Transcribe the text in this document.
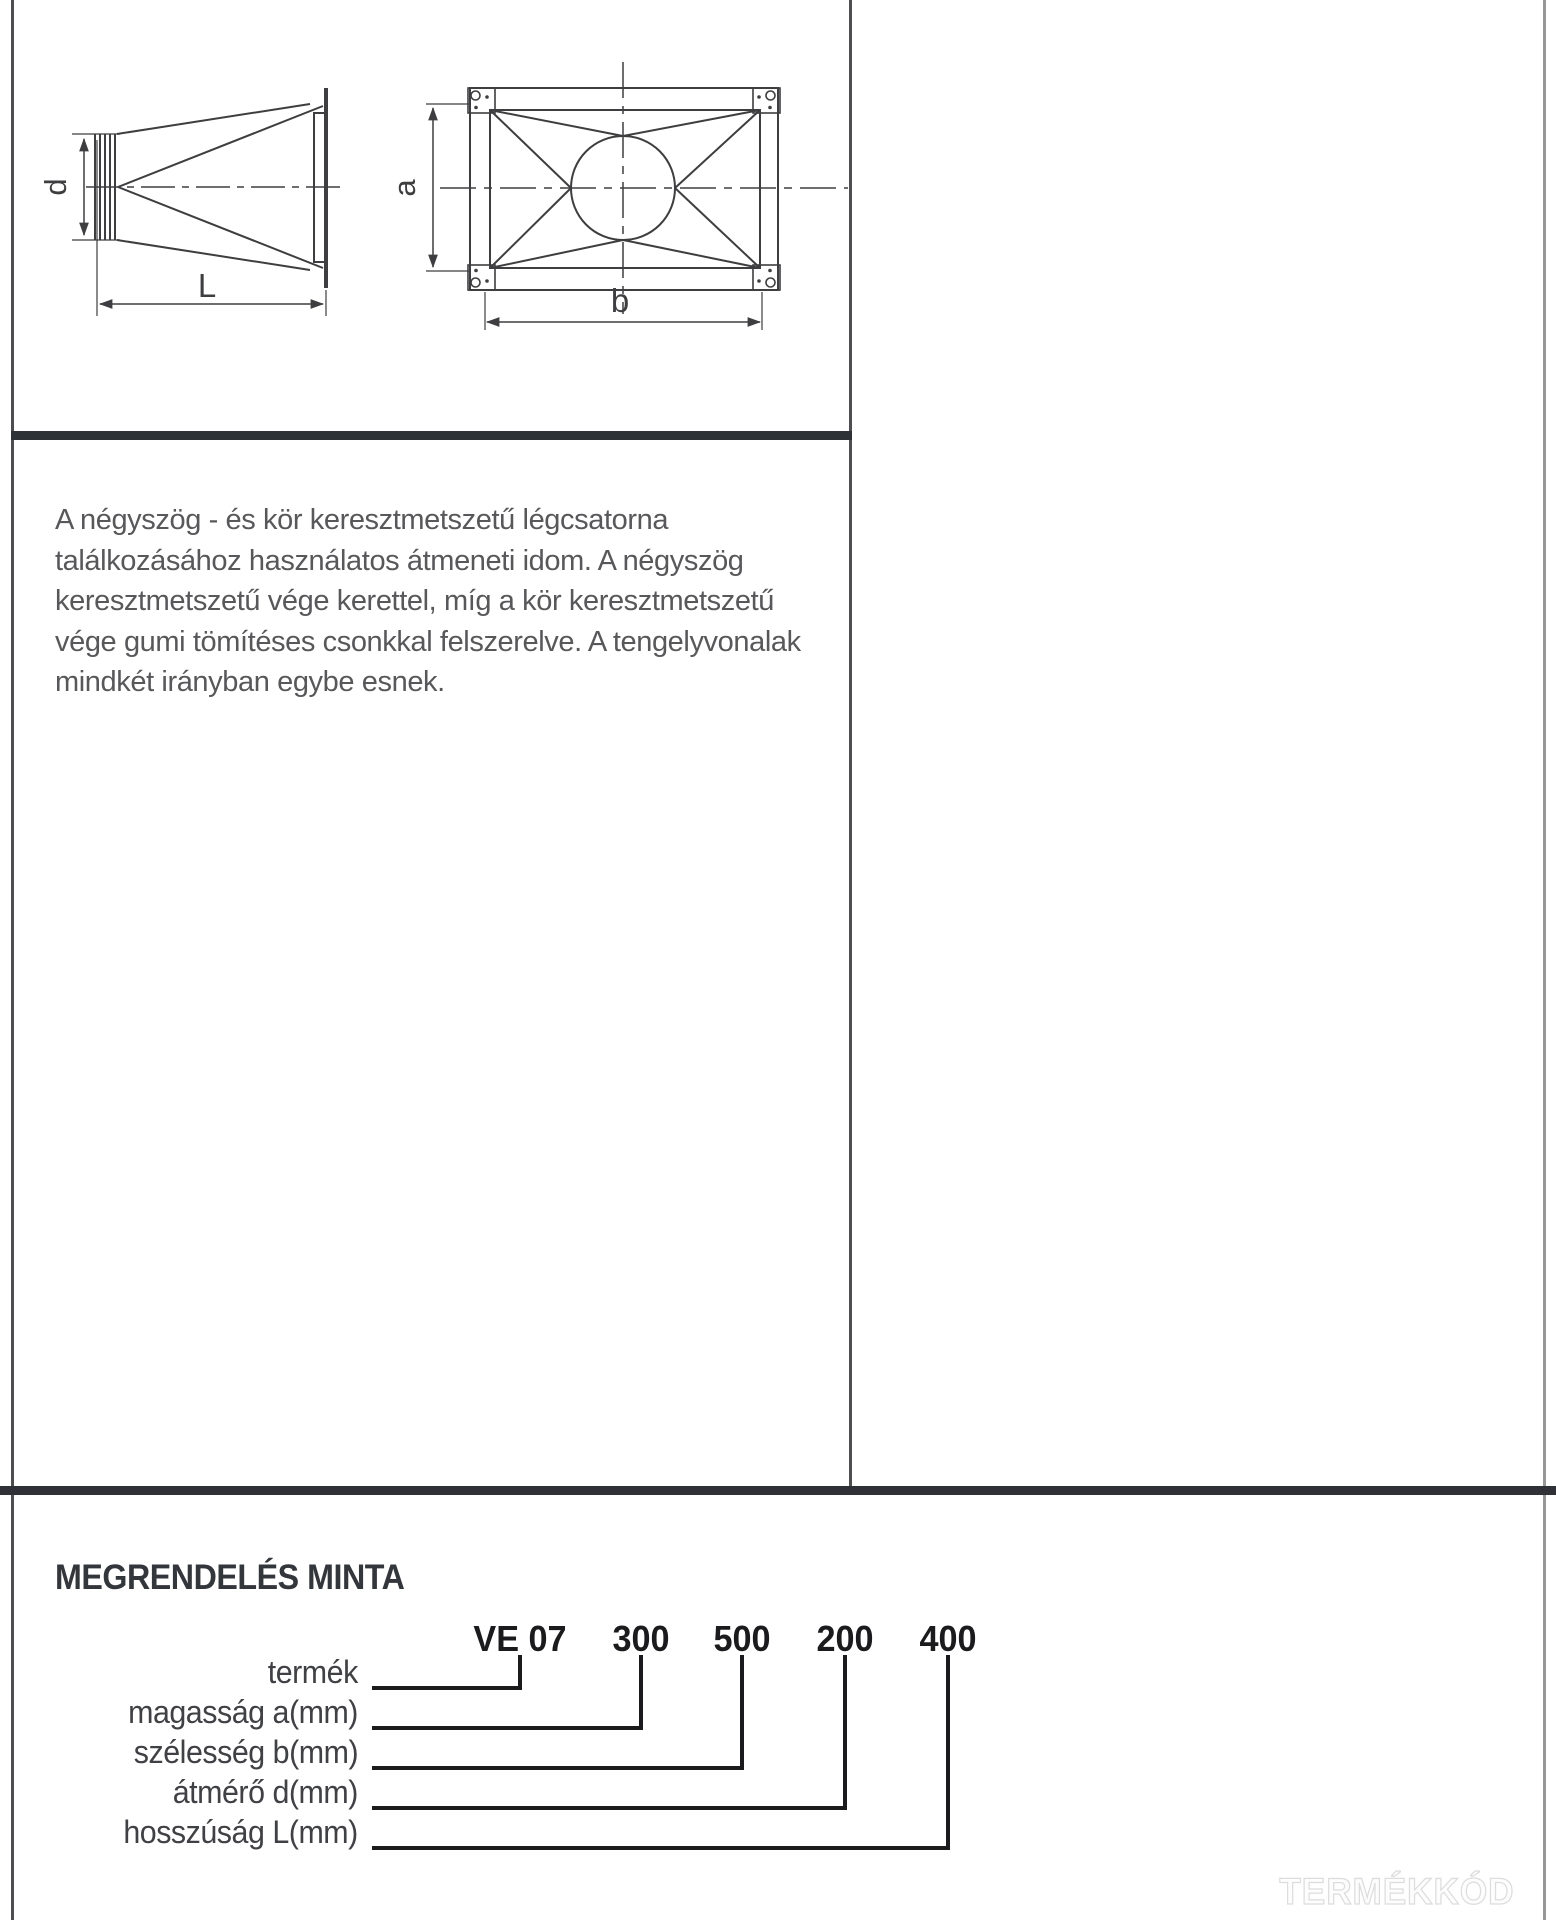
d
L
a
b

A négyszög - és kör keresztmetszetű légcsatorna találkozásához használatos átmeneti idom. A négyszög keresztmetszetű vége kerettel, míg a kör keresztmetszetű vége gumi tömítéses csonkkal felszerelve. A tengelyvonalak mindkét irányban egybe esnek.

MEGRENDELÉS MINTA
VE 07 300 500 200 400
termék
magasság a(mm)
szélesség b(mm)
átmérő d(mm)
hosszúság L(mm)
TERMÉKKÓD
